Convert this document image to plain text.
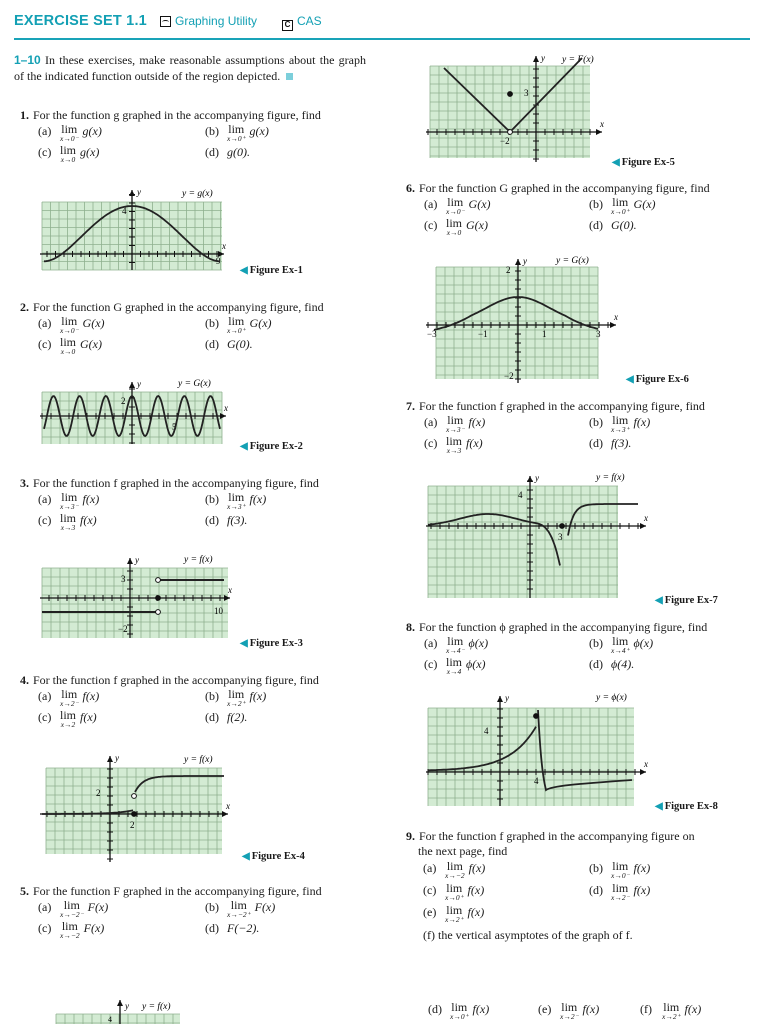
EXERCISE SET 1.1	Graphing Utility	C CAS
1–10 In these exercises, make reasonable assumptions about the graph of the indicated function outside of the region depicted.
1. For the function g graphed in the accompanying figure, find
(a) lim
x→0⁻
g(x)	(b) lim
x→0⁺
g(x)
(c) lim
x→0
g(x)	(d) g(0).
2. For the function G graphed in the accompanying figure, find
(a) lim
x→0⁻
G(x)	(b) lim
x→0⁺
G(x)
(c) lim
x→0
G(x)	(d) G(0).
3. For the function f graphed in the accompanying figure, find
(a) lim
x→3⁻
f(x)	(b) lim
x→3⁺
f(x)
(c) lim
x→3
f(x)	(d) f(3).
4. For the function f graphed in the accompanying figure, find
(a) lim
x→2⁻
f(x)	(b) lim
x→2⁺
f(x)
(c) lim
x→2
f(x)	(d) f(2).
5. For the function F graphed in the accompanying figure, find
(a) lim
x→−2⁻
F(x)	(b) lim
x→−2⁺
F(x)
(c) lim
x→−2
F(x)	(d) F(−2).
6. For the function G graphed in the accompanying figure, find
(a) lim
x→0⁻
G(x)	(b) lim
x→0⁺
G(x)
(c) lim
x→0
G(x)	(d) G(0).
7. For the function f graphed in the accompanying figure, find
(a) lim
x→3⁻
f(x)	(b) lim
x→3⁺
f(x)
(c) lim
x→3
f(x)	(d) f(3).
8. For the function ϕ graphed in the accompanying figure, find
(a) lim
x→4⁻
ϕ(x)	(b) lim
x→4⁺
ϕ(x)
(c) lim
x→4
ϕ(x)	(d) ϕ(4).
9. For the function f graphed in the accompanying figure on
the next page, find
(a) lim
x→−2
f(x)	(b) lim
x→0⁻
f(x)
(c) lim
x→0⁺
f(x)	(d) lim
x→2⁻
f(x)
(e) lim
x→2⁺
f(x)
(f) the vertical asymptotes of the graph of f.
(d) lim
x→0⁺
f(x)	(e) lim
x→2⁻
f(x)	(f) lim
x→2⁺
f(x)
x
y	y = g(x)
4
9
◀ Figure Ex-1
x
y	y = G(x)
2
5
◀ Figure Ex-2
x
y	y = f(x)
3
10
−2
◀ Figure Ex-3
x
y	y = f(x)
2
2
◀ Figure Ex-4
x
y y = F(x)
3
−2
◀ Figure Ex-5
x
y	y = G(x)
2
−2
−3	−1	1	3
◀ Figure Ex-6
x
y	y = f(x)
4
3
◀ Figure Ex-7
x
y	y = ϕ(x)
4
4
◀ Figure Ex-8
y y = f(x)
4
